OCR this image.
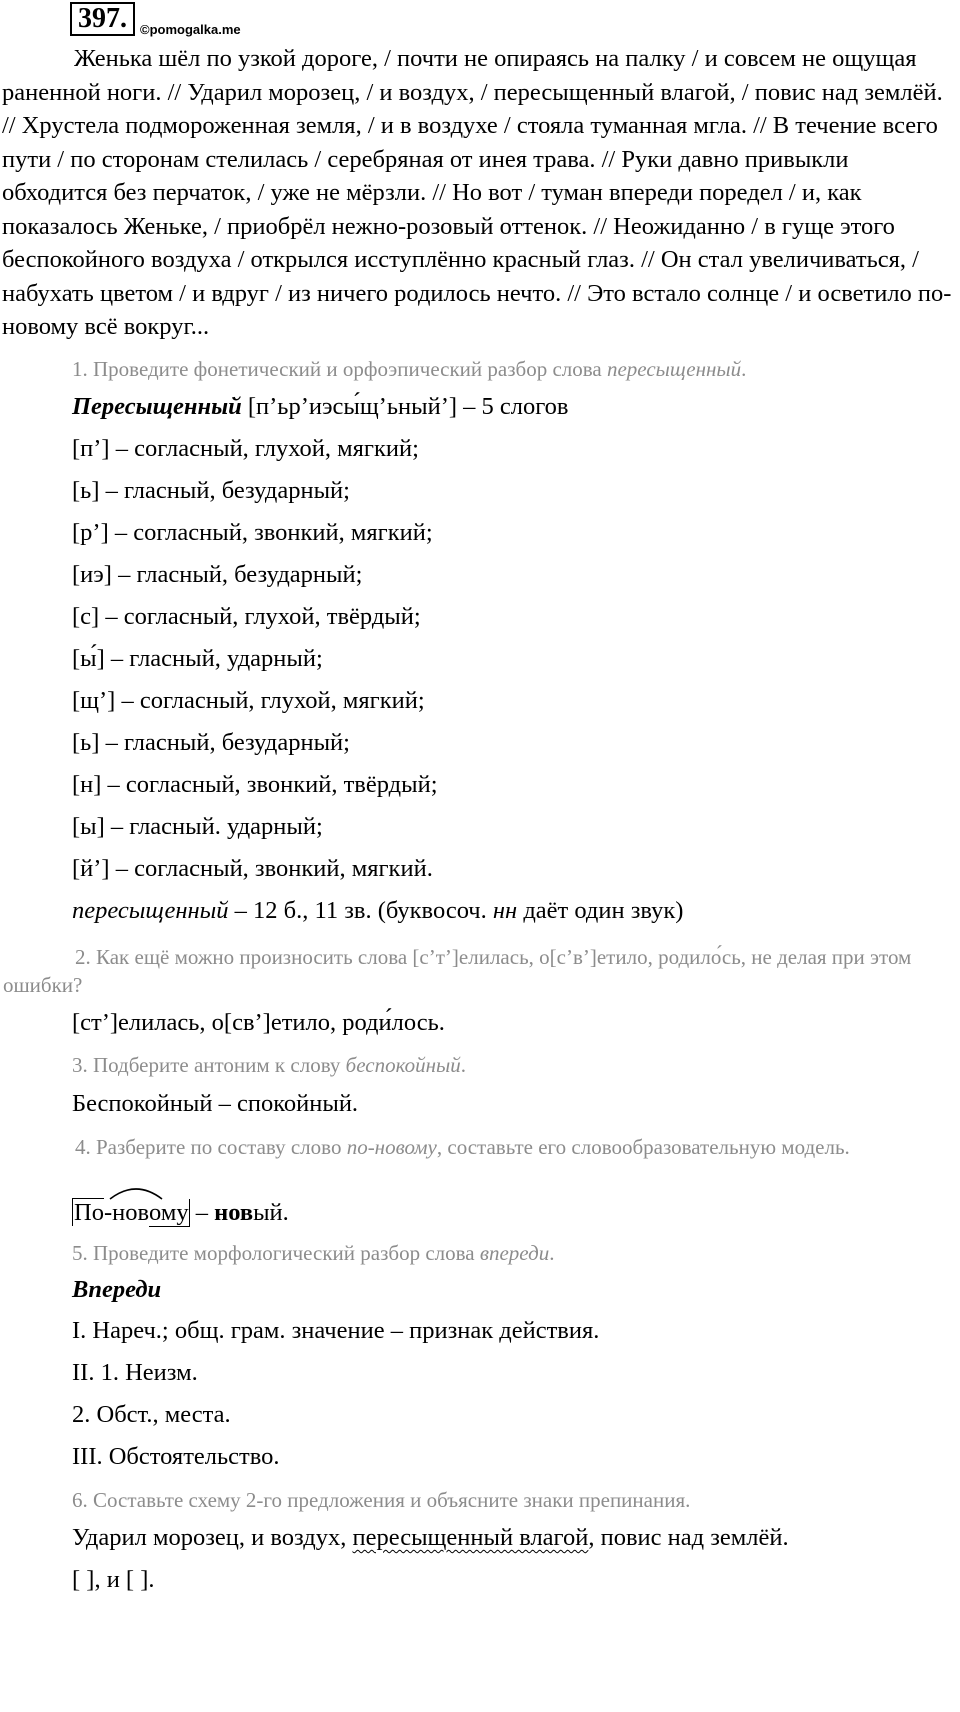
397.	©pomogalka.me
Женька шёл по узкой дороге, / почти не опираясь на палку / и совсем не ощущая раненной ноги. // Ударил морозец, / и воздух, / пересыщенный влагой, / повис над землёй. // Хрустела подмороженная земля, / и в воздухе / стояла туманная мгла. // В течение всего пути / по сторонам стелилась / серебряная от инея трава. // Руки давно привыкли обходится без перчаток, / уже не мёрзли. // Но вот / туман впереди поредел / и, как показалось Женьке, / приобрёл нежно-розовый оттенок. // Неожиданно / в гуще этого беспокойного воздуха / открылся исступлённо красный глаз. // Он стал увеличиваться, / набухать цветом / и вдруг / из ничего родилось нечто. // Это встало солнце / и осветило по-новому всё вокруг...
1. Проведите фонетический и орфоэпический разбор слова пересыщенный.
Пересыщенный [п’ьр’иэсы́щ’ьный’] – 5 слогов
[п’] – согласный, глухой, мягкий;
[ь] – гласный, безударный;
[р’] – согласный, звонкий, мягкий;
[иэ] – гласный, безударный;
[с] – согласный, глухой, твёрдый;
[ы́] – гласный, ударный;
[щ’] – согласный, глухой, мягкий;
[ь] – гласный, безударный;
[н] – согласный, звонкий, твёрдый;
[ы] – гласный. ударный;
[й’] – согласный, звонкий, мягкий.
пересыщенный – 12 б., 11 зв. (буквосоч. нн даёт один звук)
2. Как ещё можно произносить слова [с’т’]елилась, о[с’в’]етило, родило́сь, не делая при этом ошибки?
[ст’]елилась, о[св’]етило, роди́лось.
3. Подберите антоним к слову беспокойный.
Беспокойный – спокойный.
4. Разберите по составу слово по-новому, составьте его словообразовательную модель.
По-нов
ому – новый.
5. Проведите морфологический разбор слова впереди.
Впереди
I. Нареч.; общ. грам. значение – признак действия.
II. 1. Неизм.
2. Обст., места.
III. Обстоятельство.
6. Составьте схему 2-го предложения и объясните знаки препинания.
Ударил морозец, и воздух, пересыщенный влагой, повис над землёй.
[ ], и [ ].
